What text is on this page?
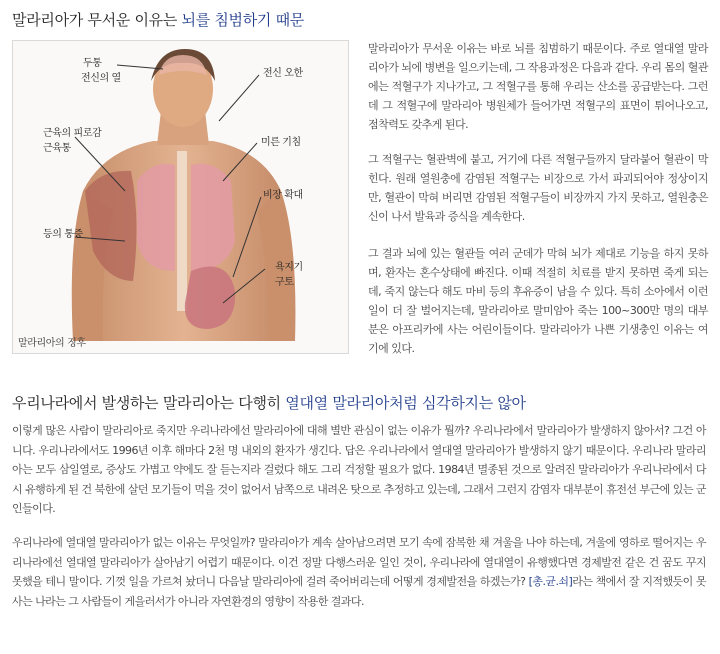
말라리아가 무서운 이유는 뇌를 침범하기 때문
두통
전신의 열	전신 오한
미른 기침
근육의 피로감
근육통
비장 확대
등의 통증
욕지기
구토
말라리아의 징후

말라리아가 무서운 이유는 바로 뇌를 침범하기 때문이다. 주로 열대열 말라리아가 뇌에 병변을 일으키는데, 그 작용과정은 다음과 같다. 우리 몸의 혈관에는 적혈구가 지나가고, 그 적혈구를 통해 우리는 산소를 공급받는다. 그런데 그 적혈구에 말라리아 병원체가 들어가면 적혈구의 표면이 튀어나오고, 점착력도 갖추게 된다.

그 적혈구는 혈관벽에 붙고, 거기에 다른 적혈구들까지 달라붙어 혈관이 막힌다. 원래 열원충에 감염된 적혈구는 비장으로 가서 파괴되어야 정상이지만, 혈관이 막혀 버리면 감염된 적혈구들이 비장까지 가지 못하고, 열원충은 신이 나서 발육과 증식을 계속한다.

그 결과 뇌에 있는 혈관들 여러 군데가 막혀 뇌가 제대로 기능을 하지 못하며, 환자는 혼수상태에 빠진다. 이때 적절히 치료를 받지 못하면 죽게 되는데, 죽지 않는다 해도 마비 등의 후유증이 남을 수 있다. 특히 소아에서 이런 일이 더 잘 벌어지는데, 말라리아로 말미암아 죽는 100~300만 명의 대부분은 아프리카에 사는 어린이들이다. 말라리아가 나쁜 기생충인 이유는 여기에 있다.

우리나라에서 발생하는 말라리아는 다행히 열대열 말라리아처럼 심각하지는 않아

이렇게 많은 사람이 말라리아로 죽지만 우리나라에선 말라리아에 대해 별반 관심이 없는 이유가 뭘까? 우리나라에서 말라리아가 발생하지 않아서? 그건 아니다. 우리나라에서도 1996년 이후 해마다 2천 명 내외의 환자가 생긴다. 답은 우리나라에서 열대열 말라리아가 발생하지 않기 때문이다. 우리나라 말라리아는 모두 삼일열로, 증상도 가볍고 약에도 잘 듣는지라 걸렸다 해도 그리 걱정할 필요가 없다. 1984년 멸종된 것으로 알려진 말라리아가 우리나라에서 다시 유행하게 된 건 북한에 살던 모기들이 먹을 것이 없어서 남쪽으로 내려온 탓으로 추정하고 있는데, 그래서 그런지 감염자 대부분이 휴전선 부근에 있는 군인들이다.

우리나라에 열대열 말라리아가 없는 이유는 무엇일까? 말라리아가 계속 살아남으려면 모기 속에 잠복한 채 겨울을 나야 하는데, 겨울에 영하로 떨어지는 우리나라에선 열대열 말라리아가 살아남기 어렵기 때문이다. 이건 정말 다행스러운 일인 것이, 우리나라에 열대열이 유행했다면 경제발전 같은 건 꿈도 꾸지 못했을 테니 말이다. 기껏 일을 가르쳐 놨더니 다음날 말라리아에 걸려 죽어버리는데 어떻게 경제발전을 하겠는가? [총.균.쇠]라는 책에서 잘 지적했듯이 못사는 나라는 그 사람들이 게을러서가 아니라 자연환경의 영향이 작용한 결과다.
